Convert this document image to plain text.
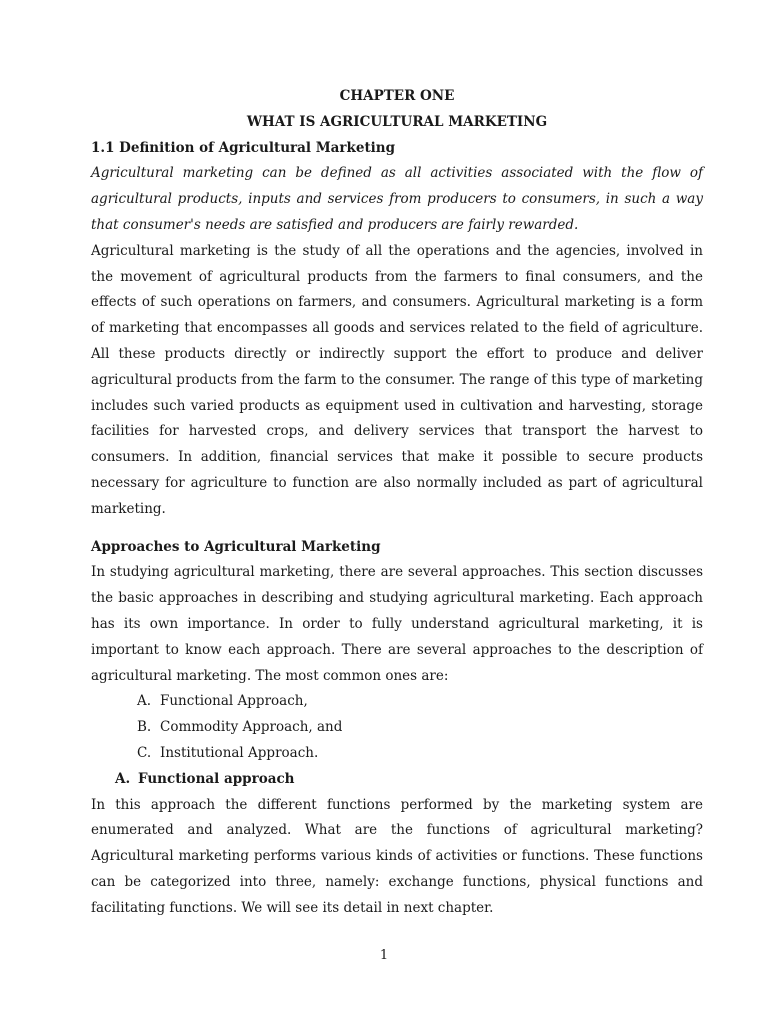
CHAPTER ONE
WHAT IS AGRICULTURAL MARKETING
1.1 Definition of Agricultural Marketing

Agricultural marketing can be defined as all activities associated with the flow of agricultural products, inputs and services from producers to consumers, in such a way that consumer's needs are satisfied and producers are fairly rewarded.

Agricultural marketing is the study of all the operations and the agencies, involved in the movement of agricultural products from the farmers to final consumers, and the effects of such operations on farmers, and consumers. Agricultural marketing is a form of marketing that encompasses all goods and services related to the field of agriculture. All these products directly or indirectly support the effort to produce and deliver agricultural products from the farm to the consumer. The range of this type of marketing includes such varied products as equipment used in cultivation and harvesting, storage facilities for harvested crops, and delivery services that transport the harvest to consumers. In addition, financial services that make it possible to secure products necessary for agriculture to function are also normally included as part of agricultural marketing.

Approaches to Agricultural Marketing

In studying agricultural marketing, there are several approaches. This section discusses the basic approaches in describing and studying agricultural marketing. Each approach has its own importance. In order to fully understand agricultural marketing, it is important to know each approach. There are several approaches to the description of agricultural marketing. The most common ones are:

A. Functional Approach,
B. Commodity Approach, and
C. Institutional Approach.
A. Functional approach

In this approach the different functions performed by the marketing system are enumerated and analyzed. What are the functions of agricultural marketing? Agricultural marketing performs various kinds of activities or functions. These functions can be categorized into three, namely: exchange functions, physical functions and facilitating functions. We will see its detail in next chapter.

1
